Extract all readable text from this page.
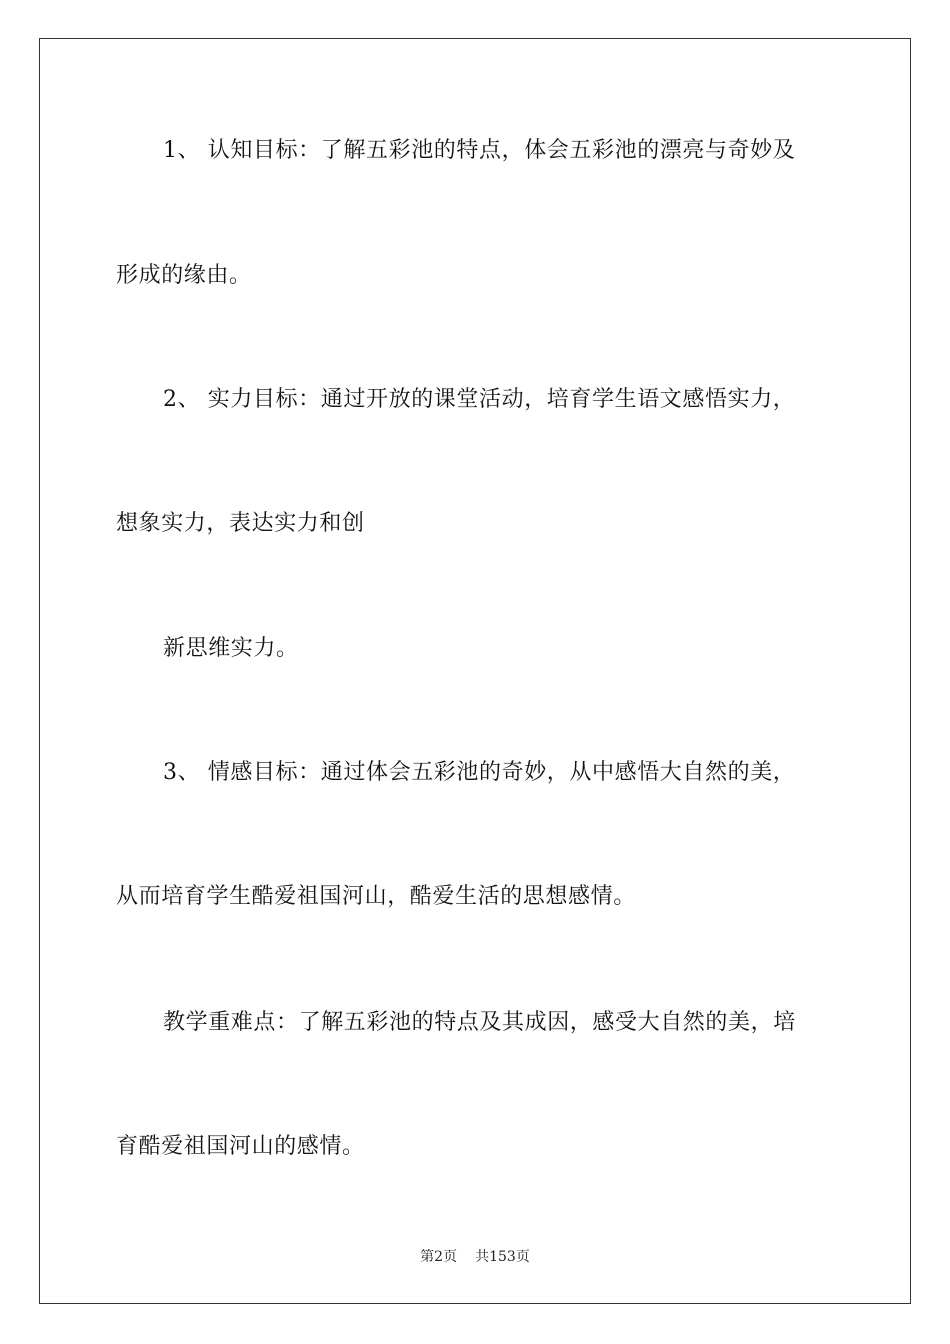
1、 认知目标：了解五彩池的特点，体会五彩池的漂亮与奇妙及
形成的缘由。
2、 实力目标：通过开放的课堂活动，培育学生语文感悟实力，
想象实力，表达实力和创
新思维实力。
3、 情感目标：通过体会五彩池的奇妙，从中感悟大自然的美，
从而培育学生酷爱祖国河山，酷爱生活的思想感情。
教学重难点：了解五彩池的特点及其成因，感受大自然的美，培
育酷爱祖国河山的感情。
第2页 共153页
